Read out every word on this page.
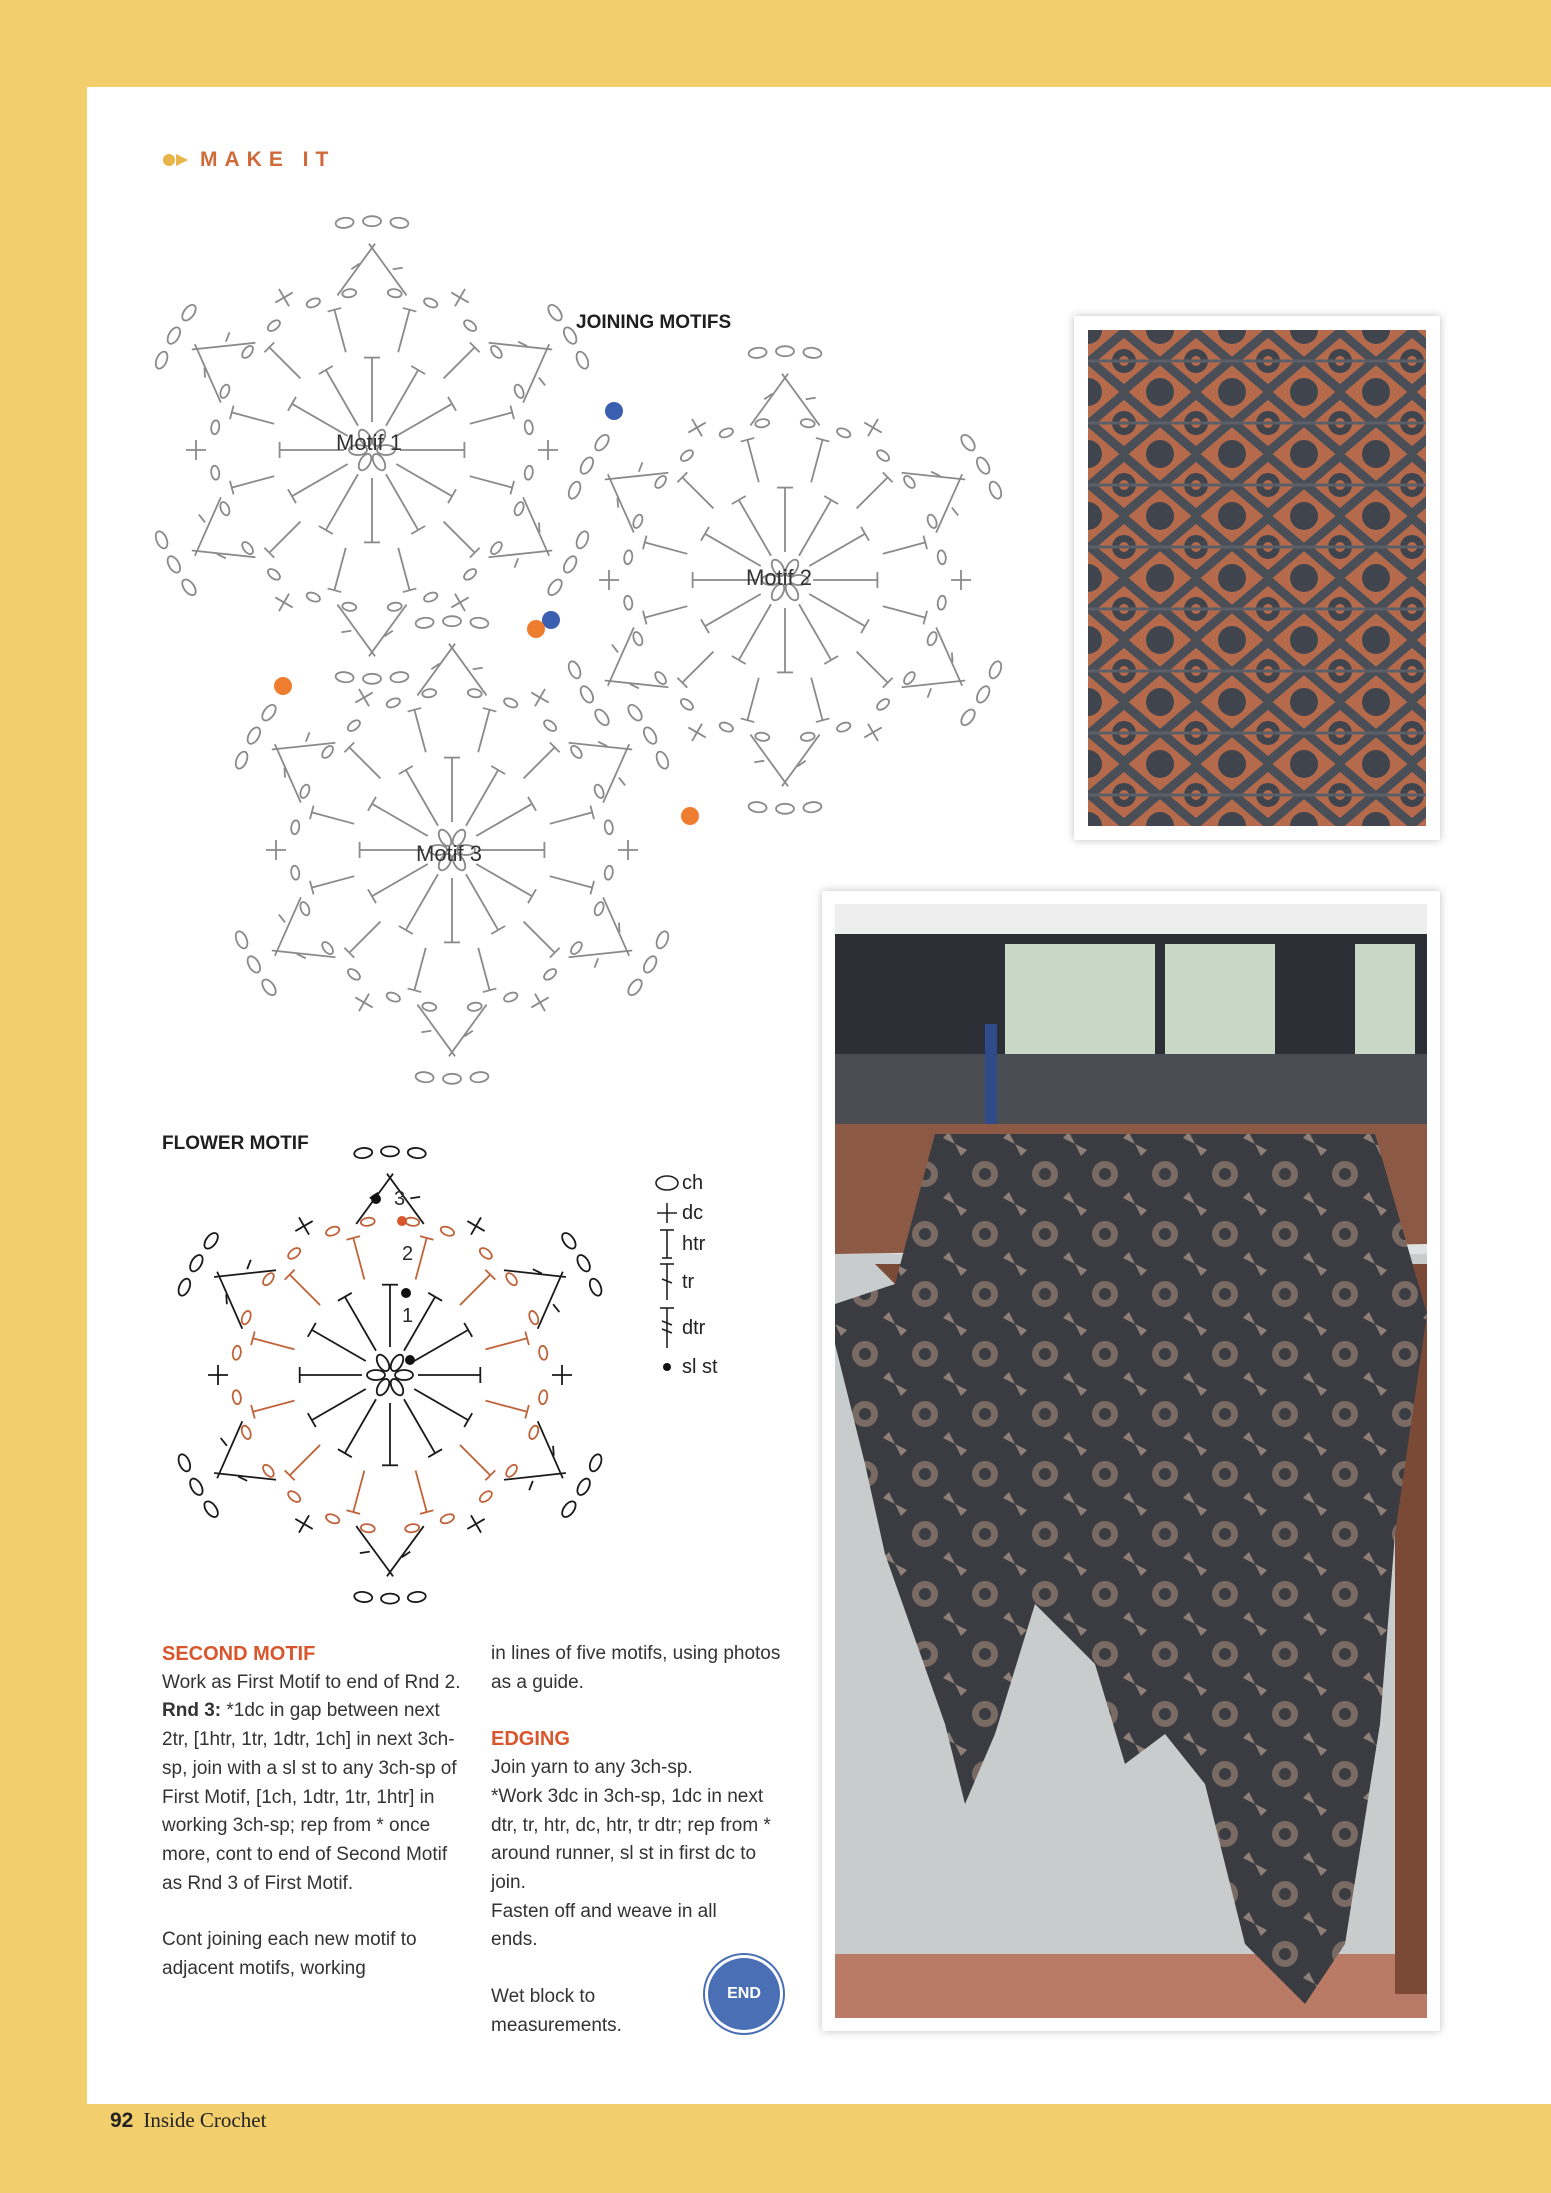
MAKE IT
JOINING MOTIFS
Motif 1
Motif 2
Motif 3
FLOWER MOTIF
3
2
1
ch
dc
htr
tr
dtr
sl st

SECOND MOTIF

Work as First Motif to end of Rnd 2.

Rnd 3: *1dc in gap between next 2tr, [1htr, 1tr, 1dtr, 1ch] in next 3ch-sp, join with a sl st to any 3ch-sp of First Motif, [1ch, 1dtr, 1tr, 1htr] in working 3ch-sp; rep from * once more, cont to end of Second Motif as Rnd 3 of First Motif.

Cont joining each new motif to adjacent motifs, working

in lines of five motifs, using photos as a guide.

EDGING

Join yarn to any 3ch-sp.

*Work 3dc in 3ch-sp, 1dc in next dtr, tr, htr, dc, htr, tr dtr; rep from * around runner, sl st in first dc to join.

Fasten off and weave in all ends.

Wet block to measurements.

END
92 Inside Crochet
